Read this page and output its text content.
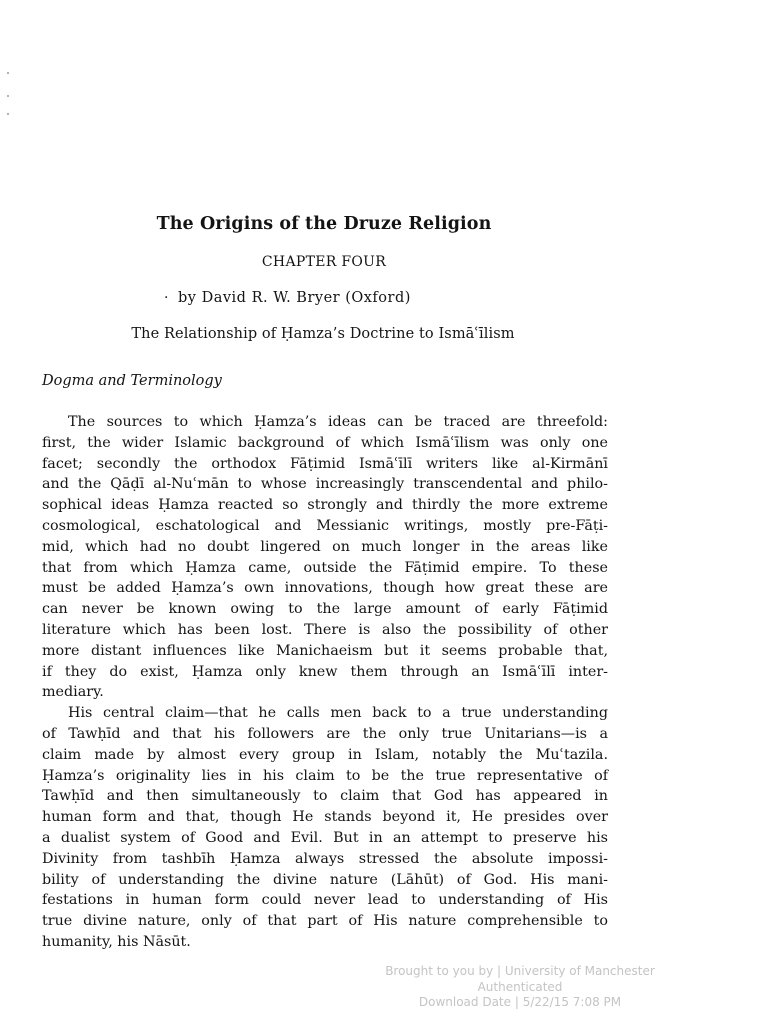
The Origins of the Druze Religion
CHAPTER FOUR
· by David R. W. Bryer (Oxford)
The Relationship of Ḥamza’s Doctrine to Ismāʿīlism
Dogma and Terminology
The sources to which Ḥamza’s ideas can be traced are threefold:
first, the wider Islamic background of which Ismāʿīlism was only one
facet; secondly the orthodox Fāṭimid Ismāʿīlī writers like al-Kirmānī
and the Qāḍī al-Nuʿmān to whose increasingly transcendental and philo-
sophical ideas Ḥamza reacted so strongly and thirdly the more extreme
cosmological, eschatological and Messianic writings, mostly pre-Fāṭi-
mid, which had no doubt lingered on much longer in the areas like
that from which Ḥamza came, outside the Fāṭimid empire. To these
must be added Ḥamza’s own innovations, though how great these are
can never be known owing to the large amount of early Fāṭimid
literature which has been lost. There is also the possibility of other
more distant influences like Manichaeism but it seems probable that,
if they do exist, Ḥamza only knew them through an Ismāʿīlī inter-
mediary.
His central claim—that he calls men back to a true understanding
of Tawḥīd and that his followers are the only true Unitarians—is a
claim made by almost every group in Islam, notably the Muʿtazila.
Ḥamza’s originality lies in his claim to be the true representative of
Tawḥīd and then simultaneously to claim that God has appeared in
human form and that, though He stands beyond it, He presides over
a dualist system of Good and Evil. But in an attempt to preserve his
Divinity from tashbīh Ḥamza always stressed the absolute impossi-
bility of understanding the divine nature (Lāhūt) of God. His mani-
festations in human form could never lead to understanding of His
true divine nature, only of that part of His nature comprehensible to
humanity, his Nāsūt.
Brought to you by | University of Manchester
Authenticated
Download Date | 5/22/15 7:08 PM
